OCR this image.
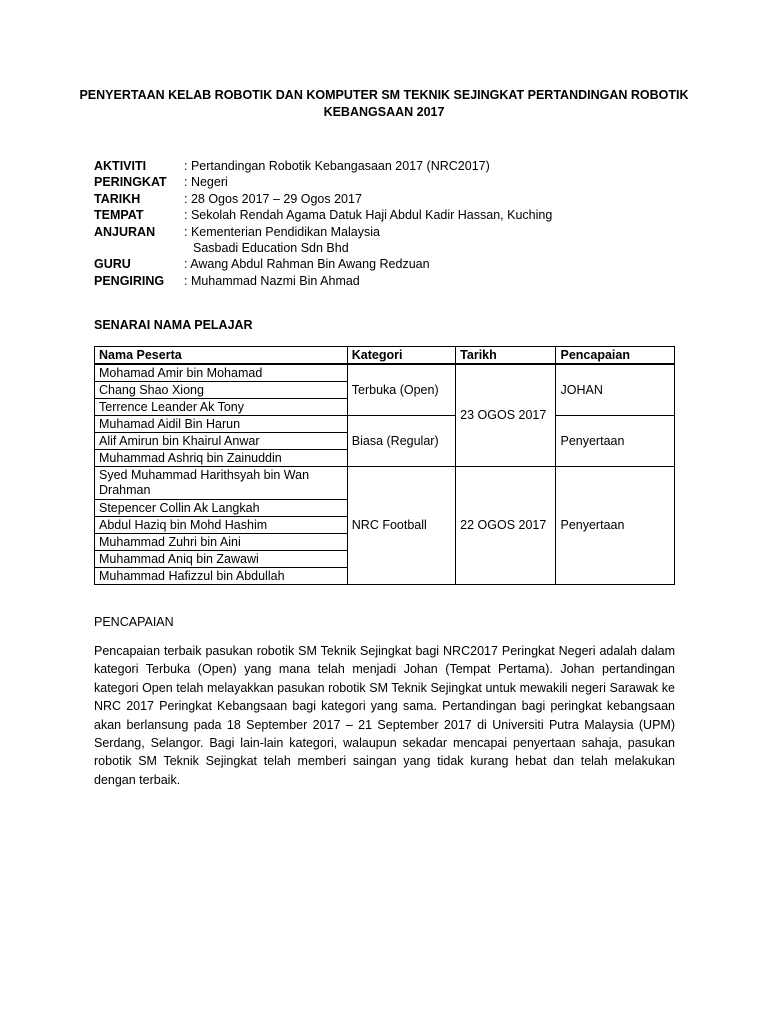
PENYERTAAN KELAB ROBOTIK DAN KOMPUTER SM TEKNIK SEJINGKAT PERTANDINGAN ROBOTIK KEBANGSAAN 2017
AKTIVITI	: Pertandingan Robotik Kebangasaan 2017 (NRC2017)
PERINGKAT	: Negeri
TARIKH	: 28 Ogos 2017 – 29 Ogos 2017
TEMPAT	: Sekolah Rendah Agama Datuk Haji Abdul Kadir Hassan, Kuching
ANJURAN	: Kementerian Pendidikan Malaysia
Sasbadi Education Sdn Bhd
GURU	: Awang Abdul Rahman Bin Awang Redzuan
PENGIRING	: Muhammad Nazmi Bin Ahmad
SENARAI NAMA PELAJAR
Nama Peserta	Kategori	Tarikh	Pencapaian
Mohamad Amir bin Mohamad	Terbuka (Open)	23 OGOS 2017	JOHAN
Chang Shao Xiong			
Terrence Leander Ak Tony			
Muhamad Aidil Bin Harun	Biasa (Regular)		Penyertaan
Alif Amirun bin Khairul Anwar			
Muhammad Ashriq bin Zainuddin			
Syed Muhammad Harithsyah bin Wan Drahman	NRC Football	22 OGOS 2017	Penyertaan
Stepencer Collin Ak Langkah			
Abdul Haziq bin Mohd Hashim			
Muhammad Zuhri bin Aini			
Muhammad Aniq bin Zawawi			
Muhammad Hafizzul bin Abdullah			
PENCAPAIAN
Pencapaian terbaik pasukan robotik SM Teknik Sejingkat bagi NRC2017 Peringkat Negeri adalah dalam kategori Terbuka (Open) yang mana telah menjadi Johan (Tempat Pertama). Johan pertandingan kategori Open telah melayakkan pasukan robotik SM Teknik Sejingkat untuk mewakili negeri Sarawak ke NRC 2017 Peringkat Kebangsaan bagi kategori yang sama. Pertandingan bagi peringkat kebangsaan akan berlansung pada 18 September 2017 – 21 September 2017 di Universiti Putra Malaysia (UPM) Serdang, Selangor. Bagi lain-lain kategori, walaupun sekadar mencapai penyertaan sahaja, pasukan robotik SM Teknik Sejingkat telah memberi saingan yang tidak kurang hebat dan telah melakukan dengan terbaik.
